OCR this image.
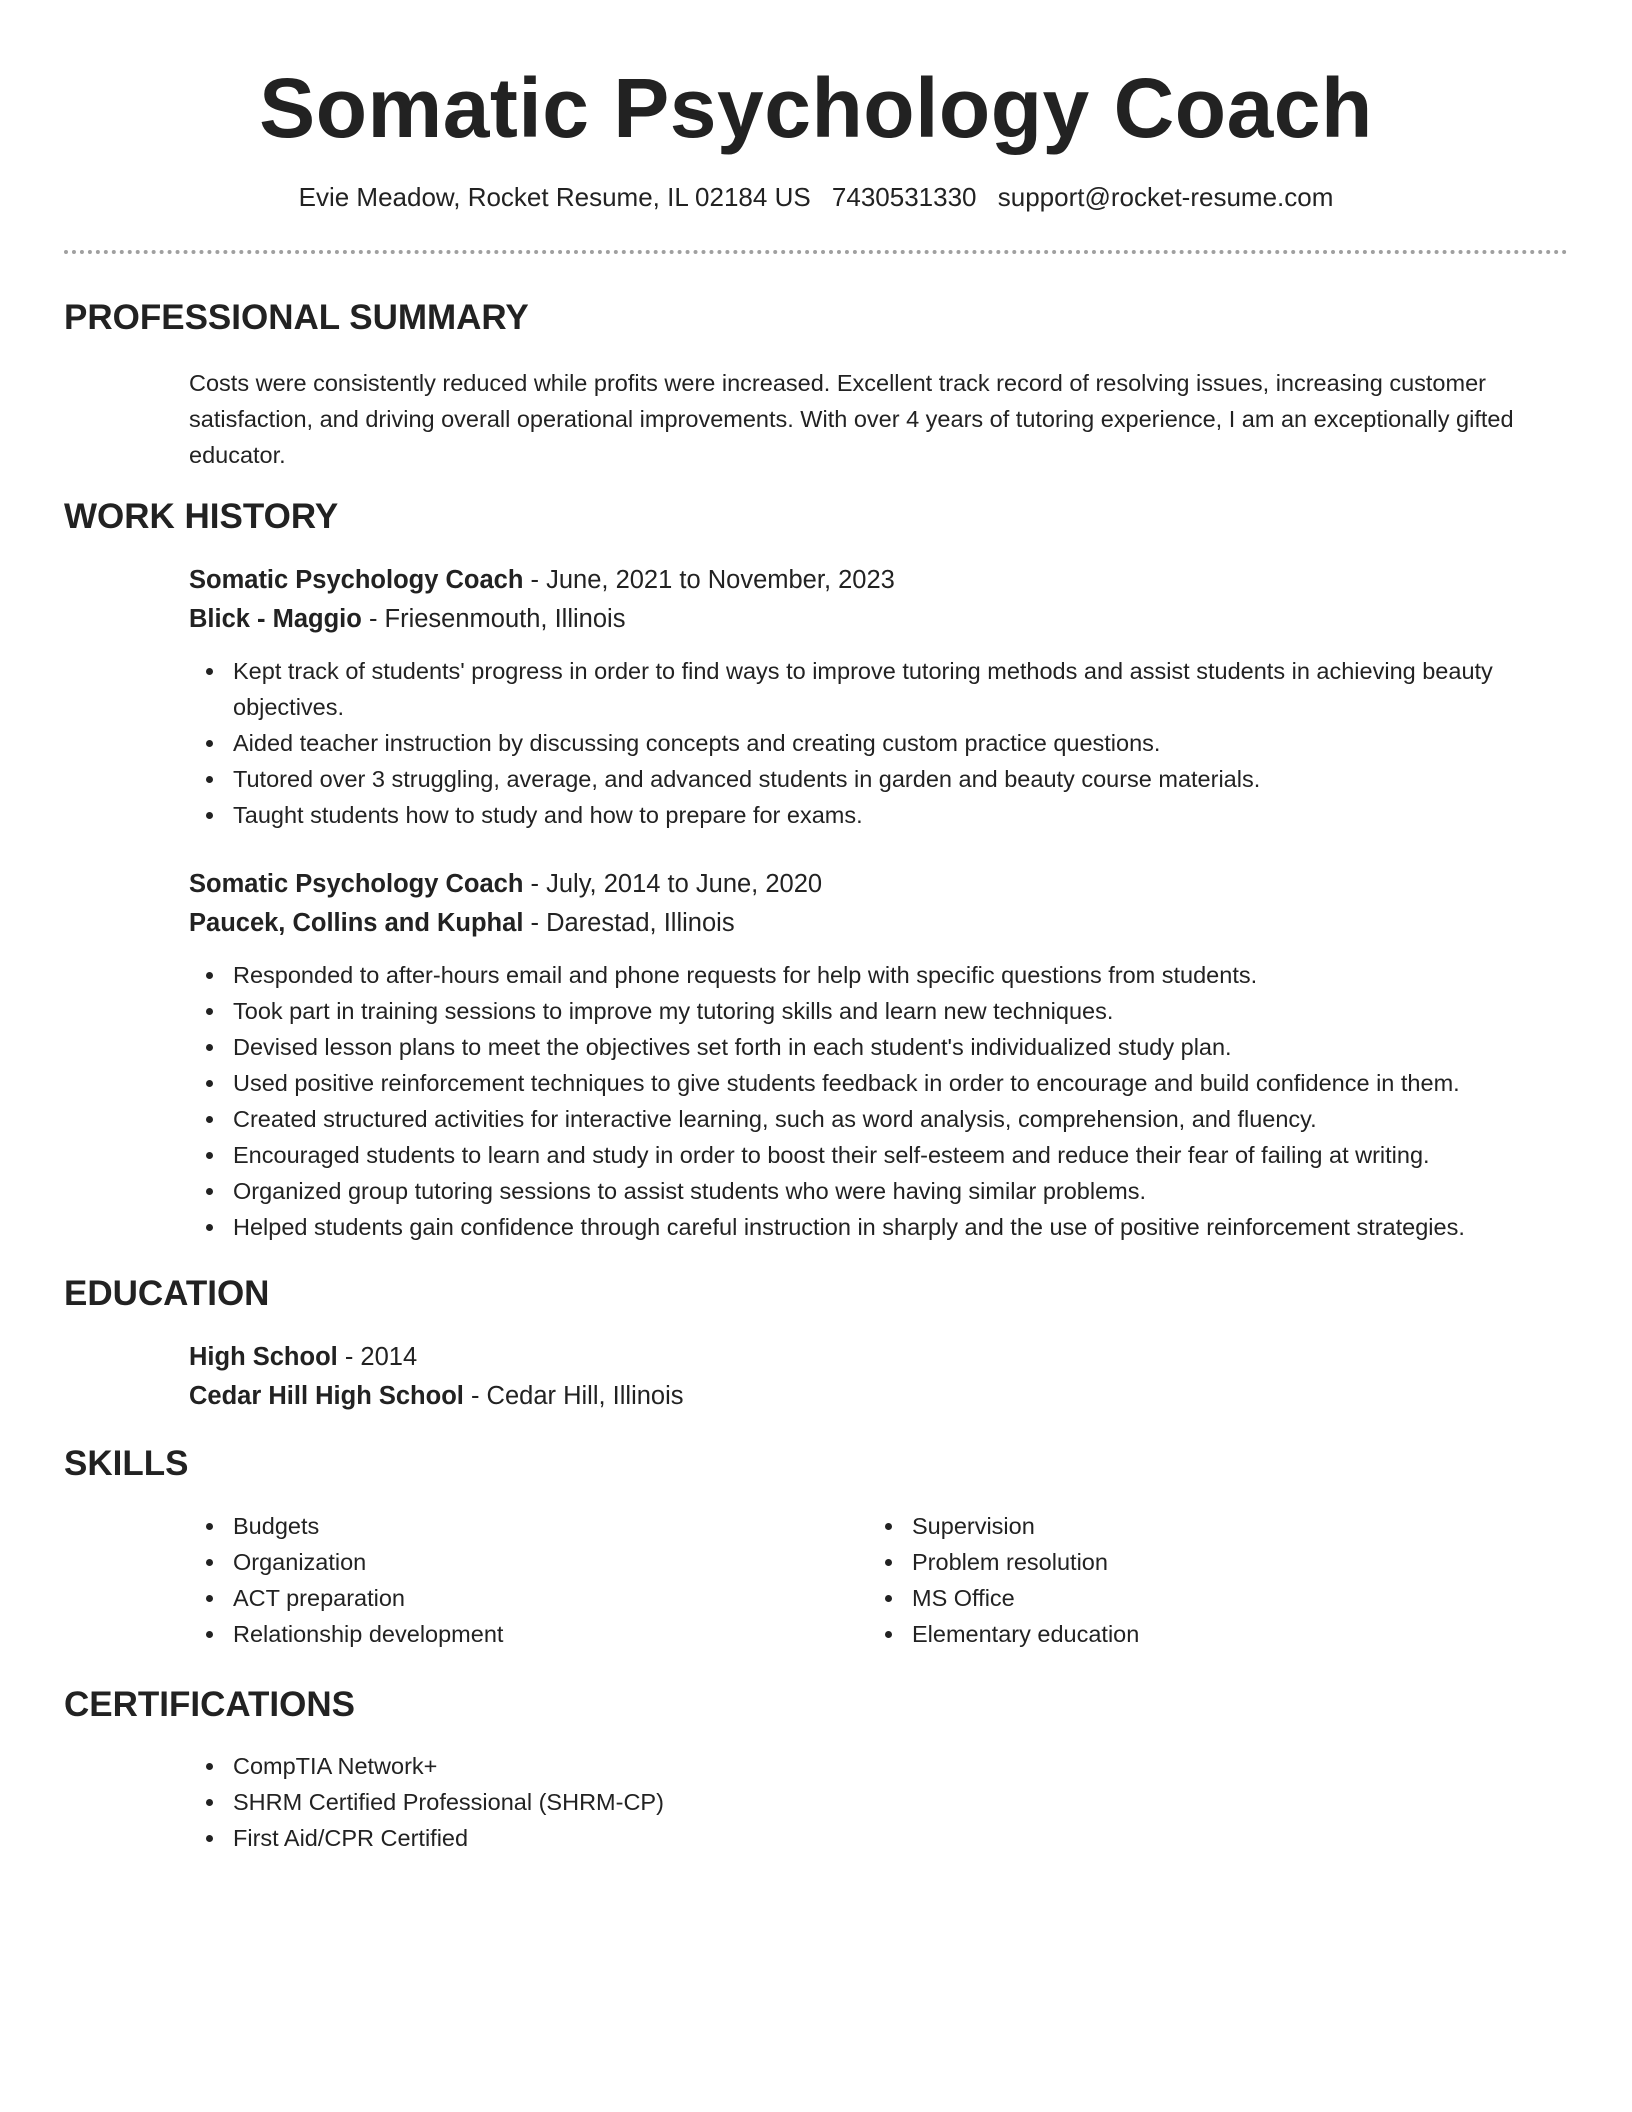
Somatic Psychology Coach
Evie Meadow, Rocket Resume, IL 02184 US 7430531330 support@rocket-resume.com
PROFESSIONAL SUMMARY
Costs were consistently reduced while profits were increased. Excellent track record of resolving issues, increasing customer satisfaction, and driving overall operational improvements. With over 4 years of tutoring experience, I am an exceptionally gifted educator.
WORK HISTORY
Somatic Psychology Coach - June, 2021 to November, 2023
Blick - Maggio - Friesenmouth, Illinois
Kept track of students' progress in order to find ways to improve tutoring methods and assist students in achieving beauty objectives.
Aided teacher instruction by discussing concepts and creating custom practice questions.
Tutored over 3 struggling, average, and advanced students in garden and beauty course materials.
Taught students how to study and how to prepare for exams.
Somatic Psychology Coach - July, 2014 to June, 2020
Paucek, Collins and Kuphal - Darestad, Illinois
Responded to after-hours email and phone requests for help with specific questions from students.
Took part in training sessions to improve my tutoring skills and learn new techniques.
Devised lesson plans to meet the objectives set forth in each student's individualized study plan.
Used positive reinforcement techniques to give students feedback in order to encourage and build confidence in them.
Created structured activities for interactive learning, such as word analysis, comprehension, and fluency.
Encouraged students to learn and study in order to boost their self-esteem and reduce their fear of failing at writing.
Organized group tutoring sessions to assist students who were having similar problems.
Helped students gain confidence through careful instruction in sharply and the use of positive reinforcement strategies.
EDUCATION
High School - 2014
Cedar Hill High School - Cedar Hill, Illinois
SKILLS
Budgets
Organization
ACT preparation
Relationship development
Supervision
Problem resolution
MS Office
Elementary education
CERTIFICATIONS
CompTIA Network+
SHRM Certified Professional (SHRM-CP)
First Aid/CPR Certified
